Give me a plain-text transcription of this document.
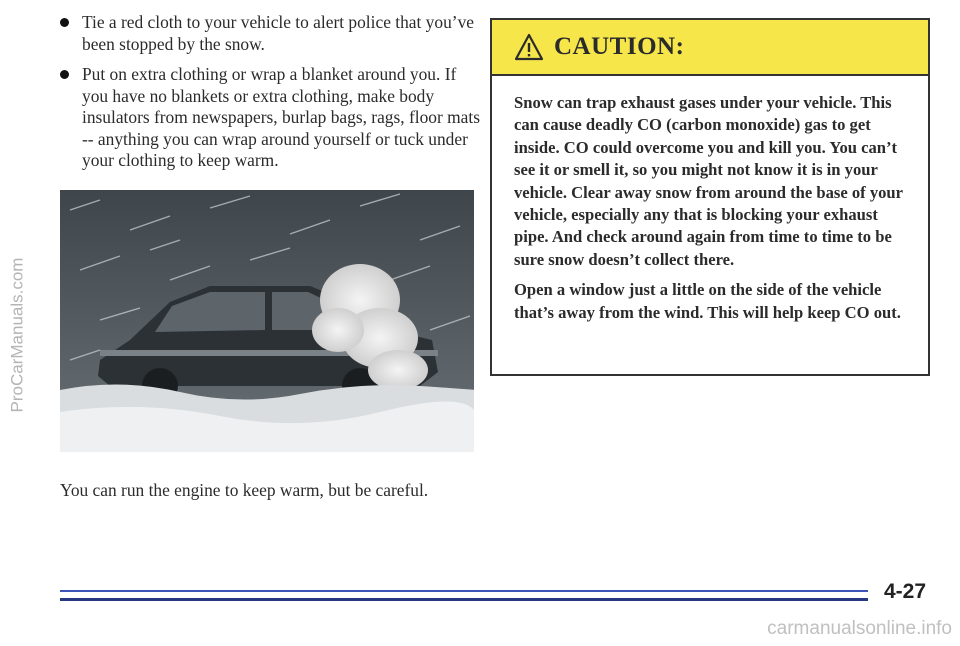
ProCarManuals.com
Tie a red cloth to your vehicle to alert police that you’ve been stopped by the snow.
Put on extra clothing or wrap a blanket around you. If you have no blankets or extra clothing, make body insulators from newspapers, burlap bags, rags, floor mats -- anything you can wrap around yourself or tuck under your clothing to keep warm.
You can run the engine to keep warm, but be careful.
CAUTION:

Snow can trap exhaust gases under your vehicle. This can cause deadly CO (carbon monoxide) gas to get inside. CO could overcome you and kill you. You can’t see it or smell it, so you might not know it is in your vehicle. Clear away snow from around the base of your vehicle, especially any that is blocking your exhaust pipe. And check around again from time to time to be sure snow doesn’t collect there.

Open a window just a little on the side of the vehicle that’s away from the wind. This will help keep CO out.

4-27
carmanualsonline.info
